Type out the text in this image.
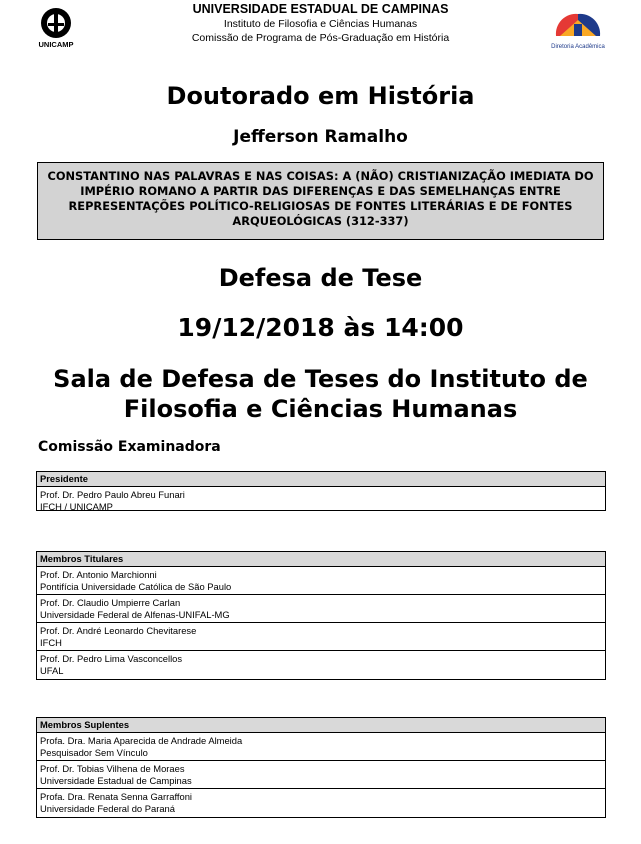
UNICAMP
UNIVERSIDADE ESTADUAL DE CAMPINAS
Instituto de Filosofia e Ciências Humanas
Comissão de Programa de Pós-Graduação em História
Diretoria Acadêmica
Doutorado em História
Jefferson Ramalho
CONSTANTINO NAS PALAVRAS E NAS COISAS: A (NÃO) CRISTIANIZAÇÃO IMEDIATA DO IMPÉRIO ROMANO A PARTIR DAS DIFERENÇAS E DAS SEMELHANÇAS ENTRE REPRESENTAÇÕES POLÍTICO-RELIGIOSAS DE FONTES LITERÁRIAS E DE FONTES ARQUEOLÓGICAS (312-337)
Defesa de Tese
19/12/2018 às 14:00
Sala de Defesa de Teses do Instituto de Filosofia e Ciências Humanas
Comissão Examinadora
Presidente
Prof. Dr. Pedro Paulo Abreu Funari
IFCH / UNICAMP
Membros Titulares
Prof. Dr. Antonio Marchionni
Pontifícia Universidade Católica de São Paulo
Prof. Dr. Claudio Umpierre Carlan
Universidade Federal de Alfenas-UNIFAL-MG
Prof. Dr. André Leonardo Chevitarese
IFCH
Prof. Dr. Pedro Lima Vasconcellos
UFAL
Membros Suplentes
Profa. Dra. Maria Aparecida de Andrade Almeida
Pesquisador Sem Vínculo
Prof. Dr. Tobias Vilhena de Moraes
Universidade Estadual de Campinas
Profa. Dra. Renata Senna Garraffoni
Universidade Federal do Paraná
